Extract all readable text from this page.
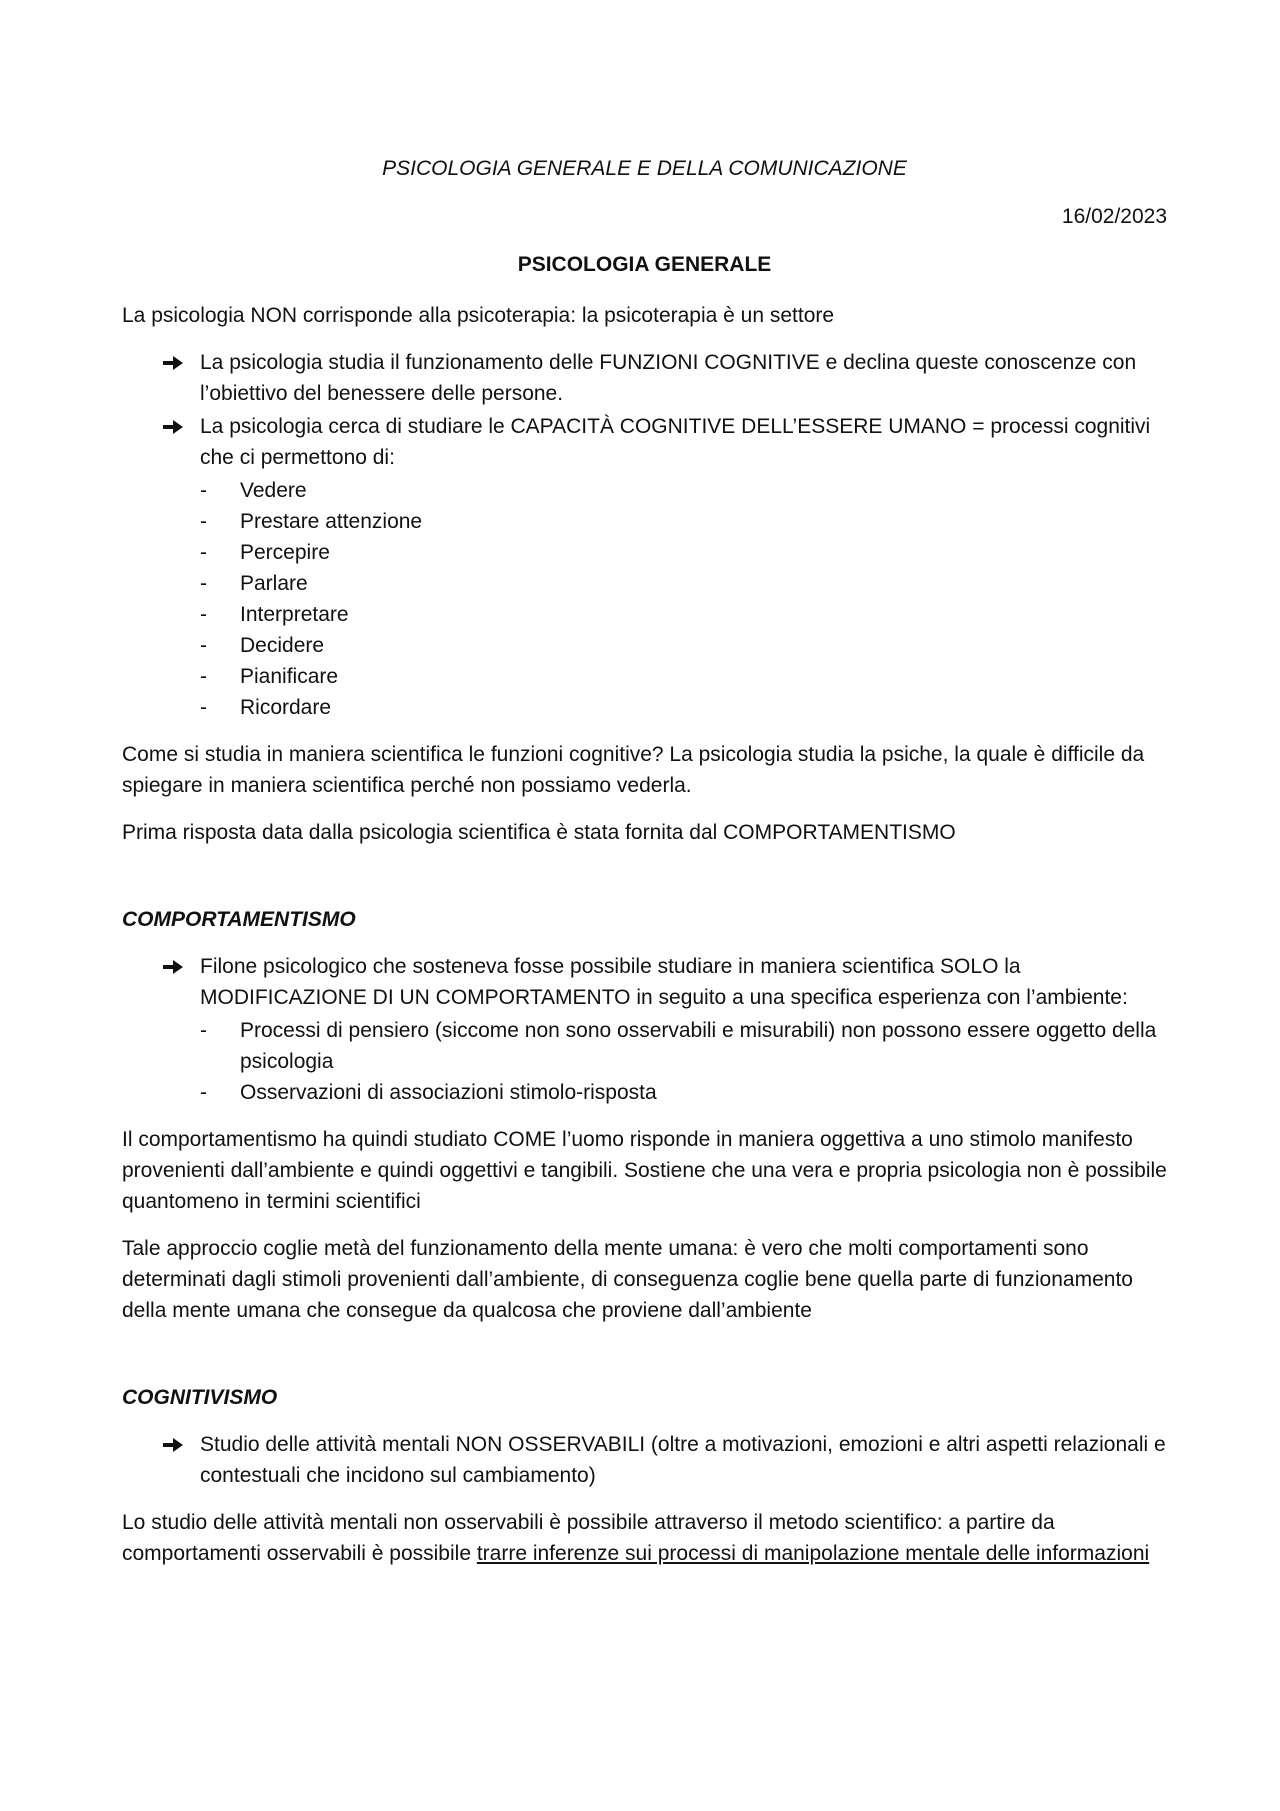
PSICOLOGIA GENERALE E DELLA COMUNICAZIONE

16/02/2023

PSICOLOGIA GENERALE

La psicologia NON corrisponde alla psicoterapia: la psicoterapia è un settore

La psicologia studia il funzionamento delle FUNZIONI COGNITIVE e declina queste conoscenze con l’obiettivo del benessere delle persone.
La psicologia cerca di studiare le CAPACITÀ COGNITIVE DELL’ESSERE UMANO = processi cognitivi che ci permettono di:
- Vedere
- Prestare attenzione
- Percepire
- Parlare
- Interpretare
- Decidere
- Pianificare
- Ricordare

Come si studia in maniera scientifica le funzioni cognitive? La psicologia studia la psiche, la quale è difficile da spiegare in maniera scientifica perché non possiamo vederla.

Prima risposta data dalla psicologia scientifica è stata fornita dal COMPORTAMENTISMO

COMPORTAMENTISMO

Filone psicologico che sosteneva fosse possibile studiare in maniera scientifica SOLO la MODIFICAZIONE DI UN COMPORTAMENTO in seguito a una specifica esperienza con l’ambiente:
- Processi di pensiero (siccome non sono osservabili e misurabili) non possono essere oggetto della psicologia
- Osservazioni di associazioni stimolo-risposta

Il comportamentismo ha quindi studiato COME l’uomo risponde in maniera oggettiva a uno stimolo manifesto provenienti dall’ambiente e quindi oggettivi e tangibili. Sostiene che una vera e propria psicologia non è possibile quantomeno in termini scientifici

Tale approccio coglie metà del funzionamento della mente umana: è vero che molti comportamenti sono determinati dagli stimoli provenienti dall’ambiente, di conseguenza coglie bene quella parte di funzionamento della mente umana che consegue da qualcosa che proviene dall’ambiente

COGNITIVISMO

Studio delle attività mentali NON OSSERVABILI (oltre a motivazioni, emozioni e altri aspetti relazionali e contestuali che incidono sul cambiamento)

Lo studio delle attività mentali non osservabili è possibile attraverso il metodo scientifico: a partire da comportamenti osservabili è possibile trarre inferenze sui processi di manipolazione mentale delle informazioni
